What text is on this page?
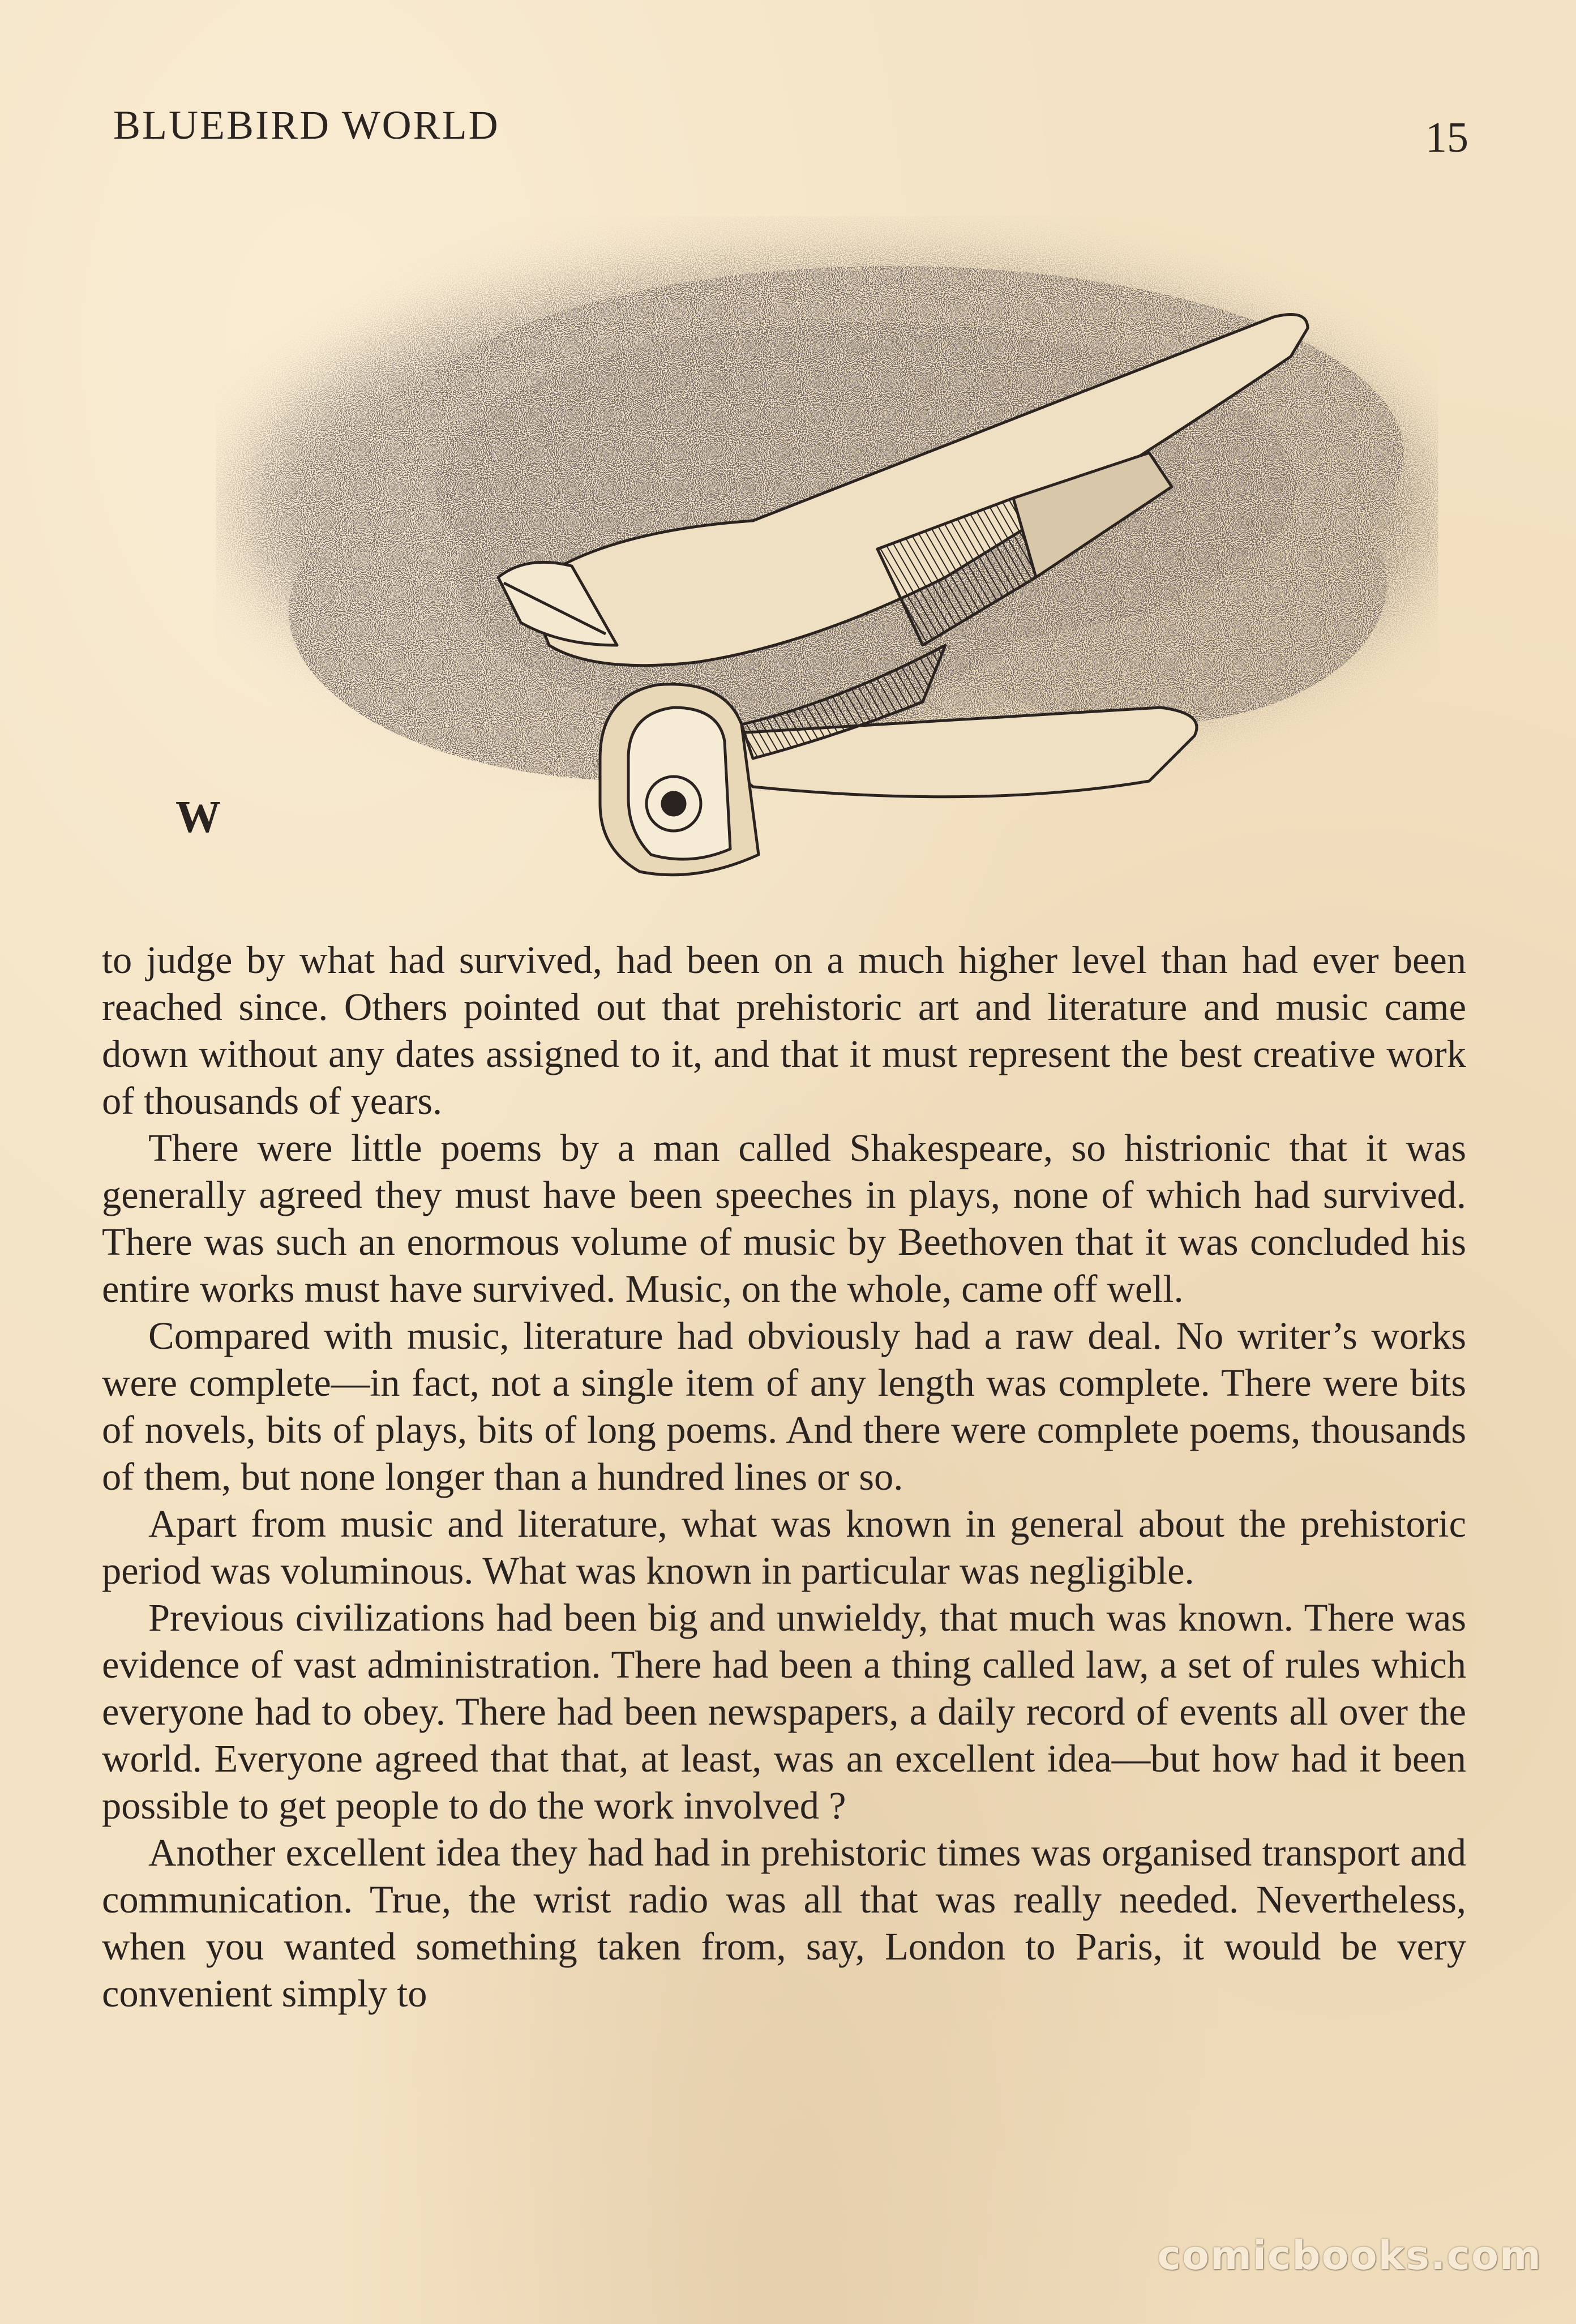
BLUEBIRD WORLD	15
W

to judge by what had survived, had been on a much higher level than had ever been reached since. Others pointed out that prehistoric art and literature and music came down without any dates assigned to it, and that it must represent the best creative work of thousands of years.

There were little poems by a man called Shakespeare, so histrionic that it was generally agreed they must have been speeches in plays, none of which had survived. There was such an enormous volume of music by Beethoven that it was concluded his entire works must have survived. Music, on the whole, came off well.

Compared with music, literature had obviously had a raw deal. No writer’s works were complete—in fact, not a single item of any length was complete. There were bits of novels, bits of plays, bits of long poems. And there were complete poems, thousands of them, but none longer than a hundred lines or so.

Apart from music and literature, what was known in general about the prehistoric period was voluminous. What was known in particular was negligible.

Previous civilizations had been big and unwieldy, that much was known. There was evidence of vast administration. There had been a thing called law, a set of rules which everyone had to obey. There had been newspapers, a daily record of events all over the world. Everyone agreed that that, at least, was an excellent idea—but how had it been possible to get people to do the work involved ?

Another excellent idea they had had in prehistoric times was organised transport and communication. True, the wrist radio was all that was really needed. Nevertheless, when you wanted something taken from, say, London to Paris, it would be very convenient simply to

comicbooks.com
